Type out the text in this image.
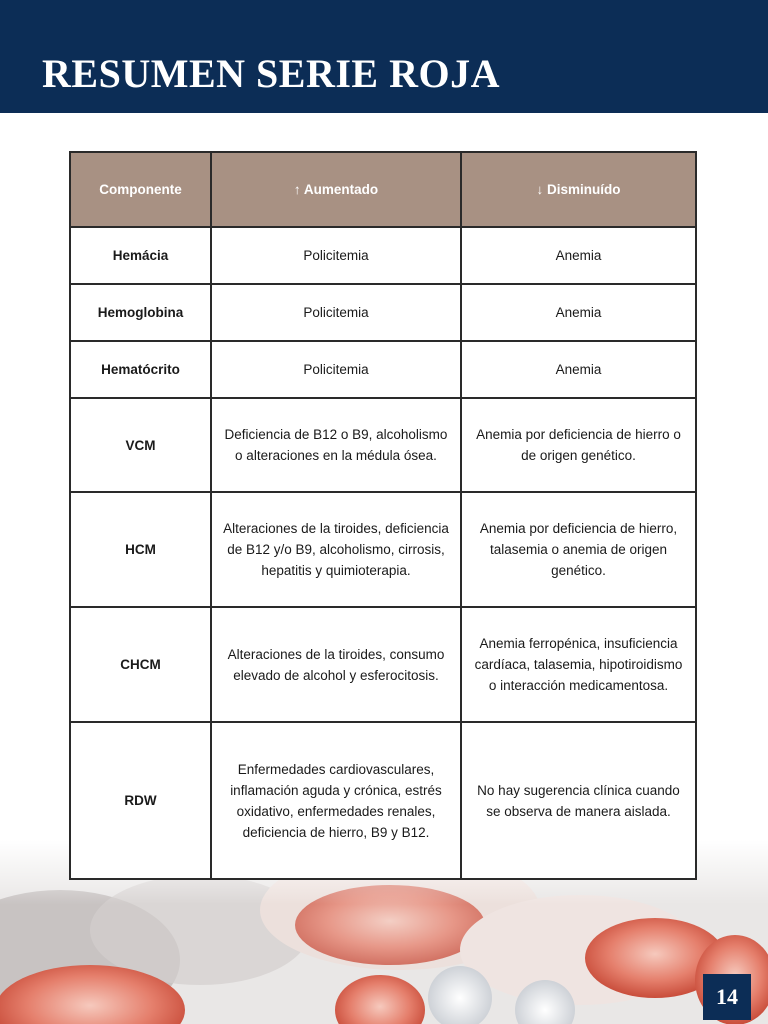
RESUMEN SERIE ROJA
Componente	↑ Aumentado	↓ Disminuído
Hemácia	Policitemia	Anemia
Hemoglobina	Policitemia	Anemia
Hematócrito	Policitemia	Anemia
VCM	Deficiencia de B12 o B9, alcoholismo o alteraciones en la médula ósea.	Anemia por deficiencia de hierro o de origen genético.
HCM	Alteraciones de la tiroides, deficiencia de B12 y/o B9, alcoholismo, cirrosis, hepatitis y quimioterapia.	Anemia por deficiencia de hierro, talasemia o anemia de origen genético.
CHCM	Alteraciones de la tiroides, consumo elevado de alcohol y esferocitosis.	Anemia ferropénica, insuficiencia cardíaca, talasemia, hipotiroidismo o interacción medicamentosa.
RDW	Enfermedades cardiovasculares, inflamación aguda y crónica, estrés oxidativo, enfermedades renales, deficiencia de hierro, B9 y B12.	No hay sugerencia clínica cuando se observa de manera aislada.
14
